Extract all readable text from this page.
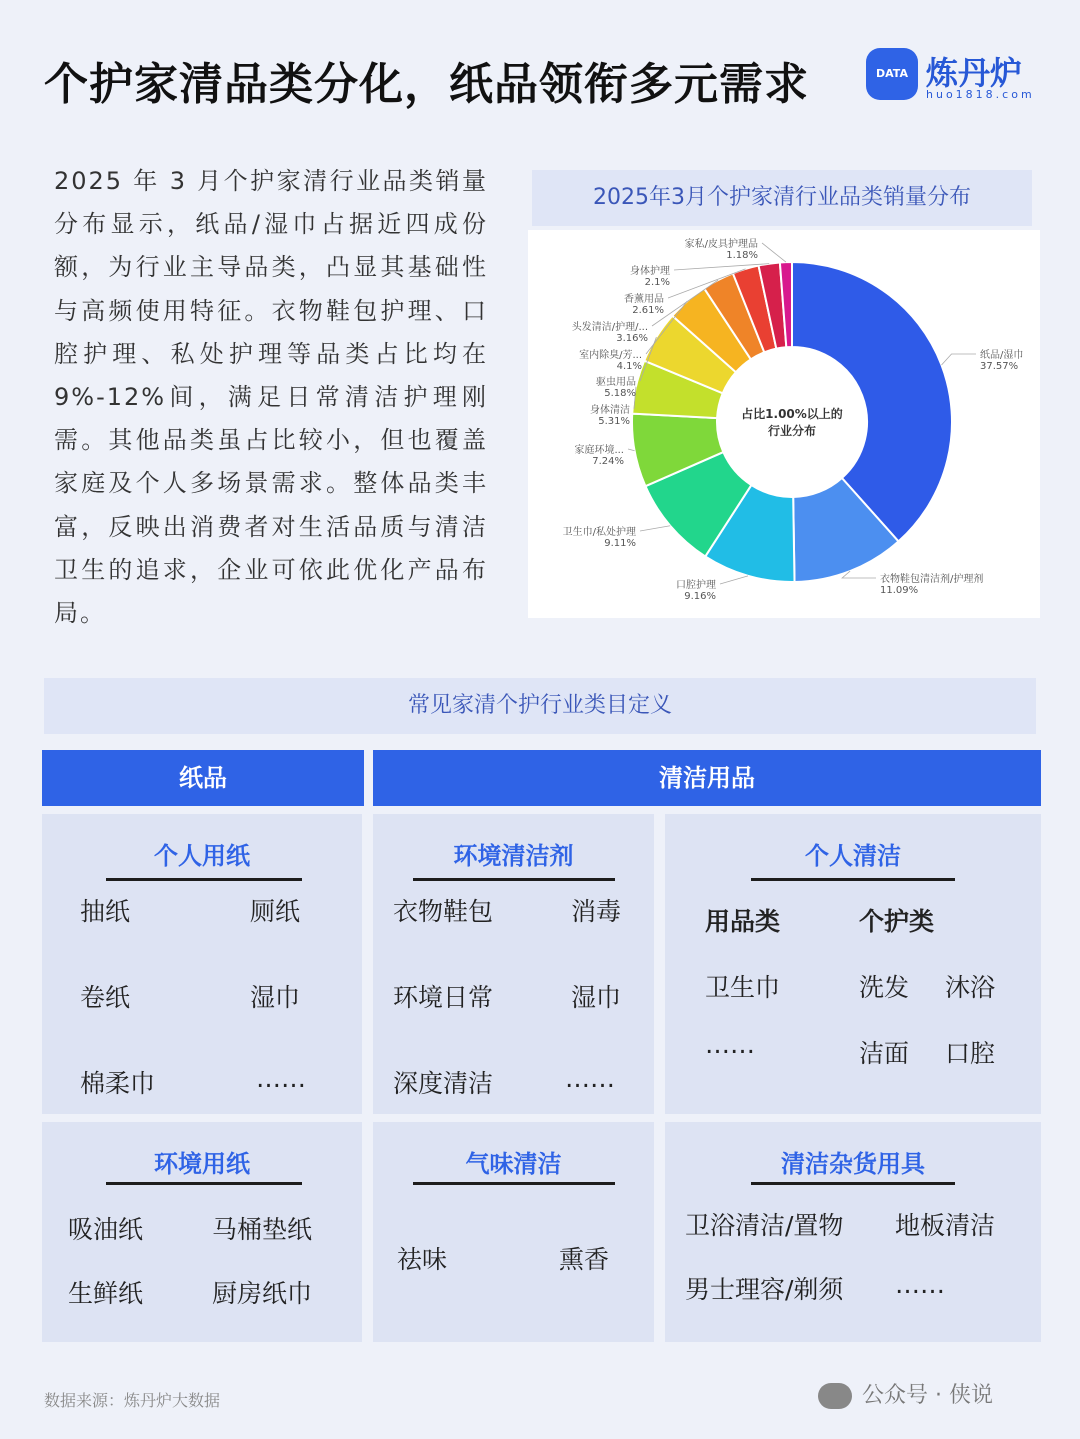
个护家清品类分化，纸品领衔多元需求	DATA 炼丹炉
huo1818.com

2025 年 3 月个护家清行业品类销量分布显示，纸品/湿巾占据近四成份额，为行业主导品类，凸显其基础性与高频使用特征。衣物鞋包护理、口腔护理、私处护理等品类占比均在9%-12%间，满足日常清洁护理刚需。其他品类虽占比较小，但也覆盖家庭及个人多场景需求。整体品类丰富，反映出消费者对生活品质与清洁卫生的追求，企业可依此优化产品布局。

2025年3月个护家清行业品类销量分布
纸品/湿巾
37.57%
衣物鞋包清洁剂/护理剂
11.09%
口腔护理
9.16%
卫生巾/私处护理
9.11%
家庭环境...
7.24%
身体清洁
5.31%
驱虫用品
5.18%
室内除臭/芳...
4.1%
头发清洁/护理/...
3.16%
香薰用品
2.61%
身体护理
2.1%
家私/皮具护理品
1.18%
占比1.00%以上的
行业分布
常见家清个护行业类目定义
纸品	清洁用品
个人用纸
抽纸	厕纸
卷纸	湿巾
棉柔巾	……
环境清洁剂
衣物鞋包	消毒
环境日常	湿巾
深度清洁	……
个人清洁
用品类	个护类
卫生巾	洗发 沐浴
……	洁面 口腔
环境用纸
吸油纸	马桶垫纸
生鲜纸	厨房纸巾
气味清洁
祛味	熏香
清洁杂货用具
卫浴清洁/置物 地板清洁
男士理容/剃须 ……
数据来源：炼丹炉大数据	公众号 · 侠说
